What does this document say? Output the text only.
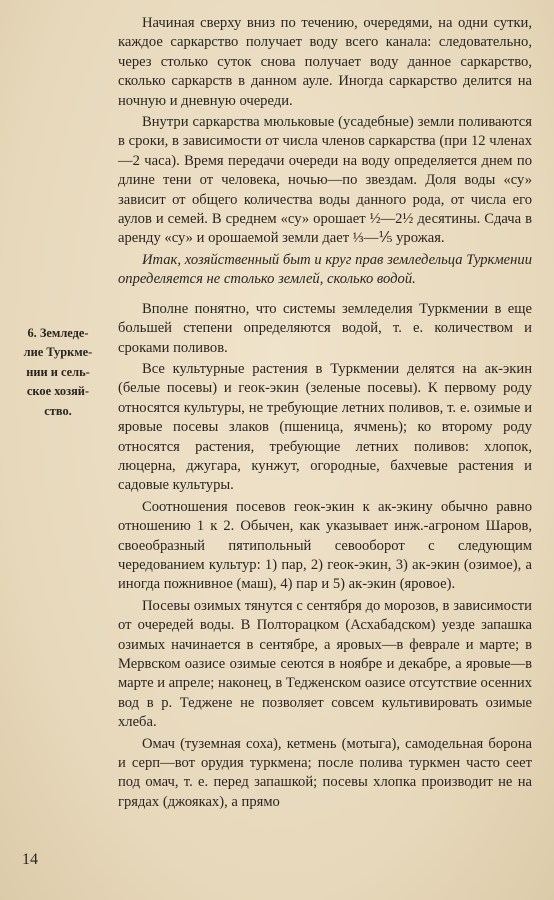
Начиная сверху вниз по течению, очередями, на одни сутки, каждое саркарство получает воду всего канала: следовательно, через столько суток снова получает воду данное саркарство, сколько саркарств в данном ауле. Иногда саркарство делится на ночную и дневную очереди.

Внутри саркарства мюльковые (усадебные) земли поливаются в сроки, в зависимости от числа членов саркарства (при 12 членах—2 часа). Время передачи очереди на воду определяется днем по длине тени от человека, ночью—по звездам. Доля воды «су» зависит от общего количества воды данного рода, от числа его аулов и семей. В среднем «су» орошает ½—2½ десятины. Сдача в аренду «су» и орошаемой земли дает ⅓—⅕ урожая.

Итак, хозяйственный быт и круг прав земледельца Туркмении определяется не столько землей, сколько водой.

Вполне понятно, что системы земледелия Туркмении в еще большей степени определяются водой, т. е. количеством и сроками поливов.

Все культурные растения в Туркмении делятся на ак-экин (белые посевы) и геок-экин (зеленые посевы). К первому роду относятся культуры, не требующие летних поливов, т. е. озимые и яровые посевы злаков (пшеница, ячмень); ко второму роду относятся растения, требующие летних поливов: хлопок, люцерна, джугара, кунжут, огородные, бахчевые растения и садовые культуры.

Соотношения посевов геок-экин к ак-экину обычно равно отношению 1 к 2. Обычен, как указывает инж.-агроном Шаров, своеобразный пятипольный севооборот с следующим чередованием культур: 1) пар, 2) геок-экин, 3) ак-экин (озимое), а иногда пожнивное (маш), 4) пар и 5) ак-экин (яровое).

Посевы озимых тянутся с сентября до морозов, в зависимости от очередей воды. В Полторацком (Асхабадском) уезде запашка озимых начинается в сентябре, а яровых—в феврале и марте; в Мервском оазисе озимые сеются в ноябре и декабре, а яровые—в марте и апреле; наконец, в Тедженском оазисе отсутствие осенних вод в р. Теджене не позволяет совсем культивировать озимые хлеба.

Омач (туземная соха), кетмень (мотыга), самодельная борона и серп—вот орудия туркмена; после полива туркмен часто сеет под омач, т. е. перед запашкой; посевы хлопка производит не на грядах (джояках), а прямо

6. Земледе-
лие Туркме-
нии и сель-
ское хозяй-
ство.
14
